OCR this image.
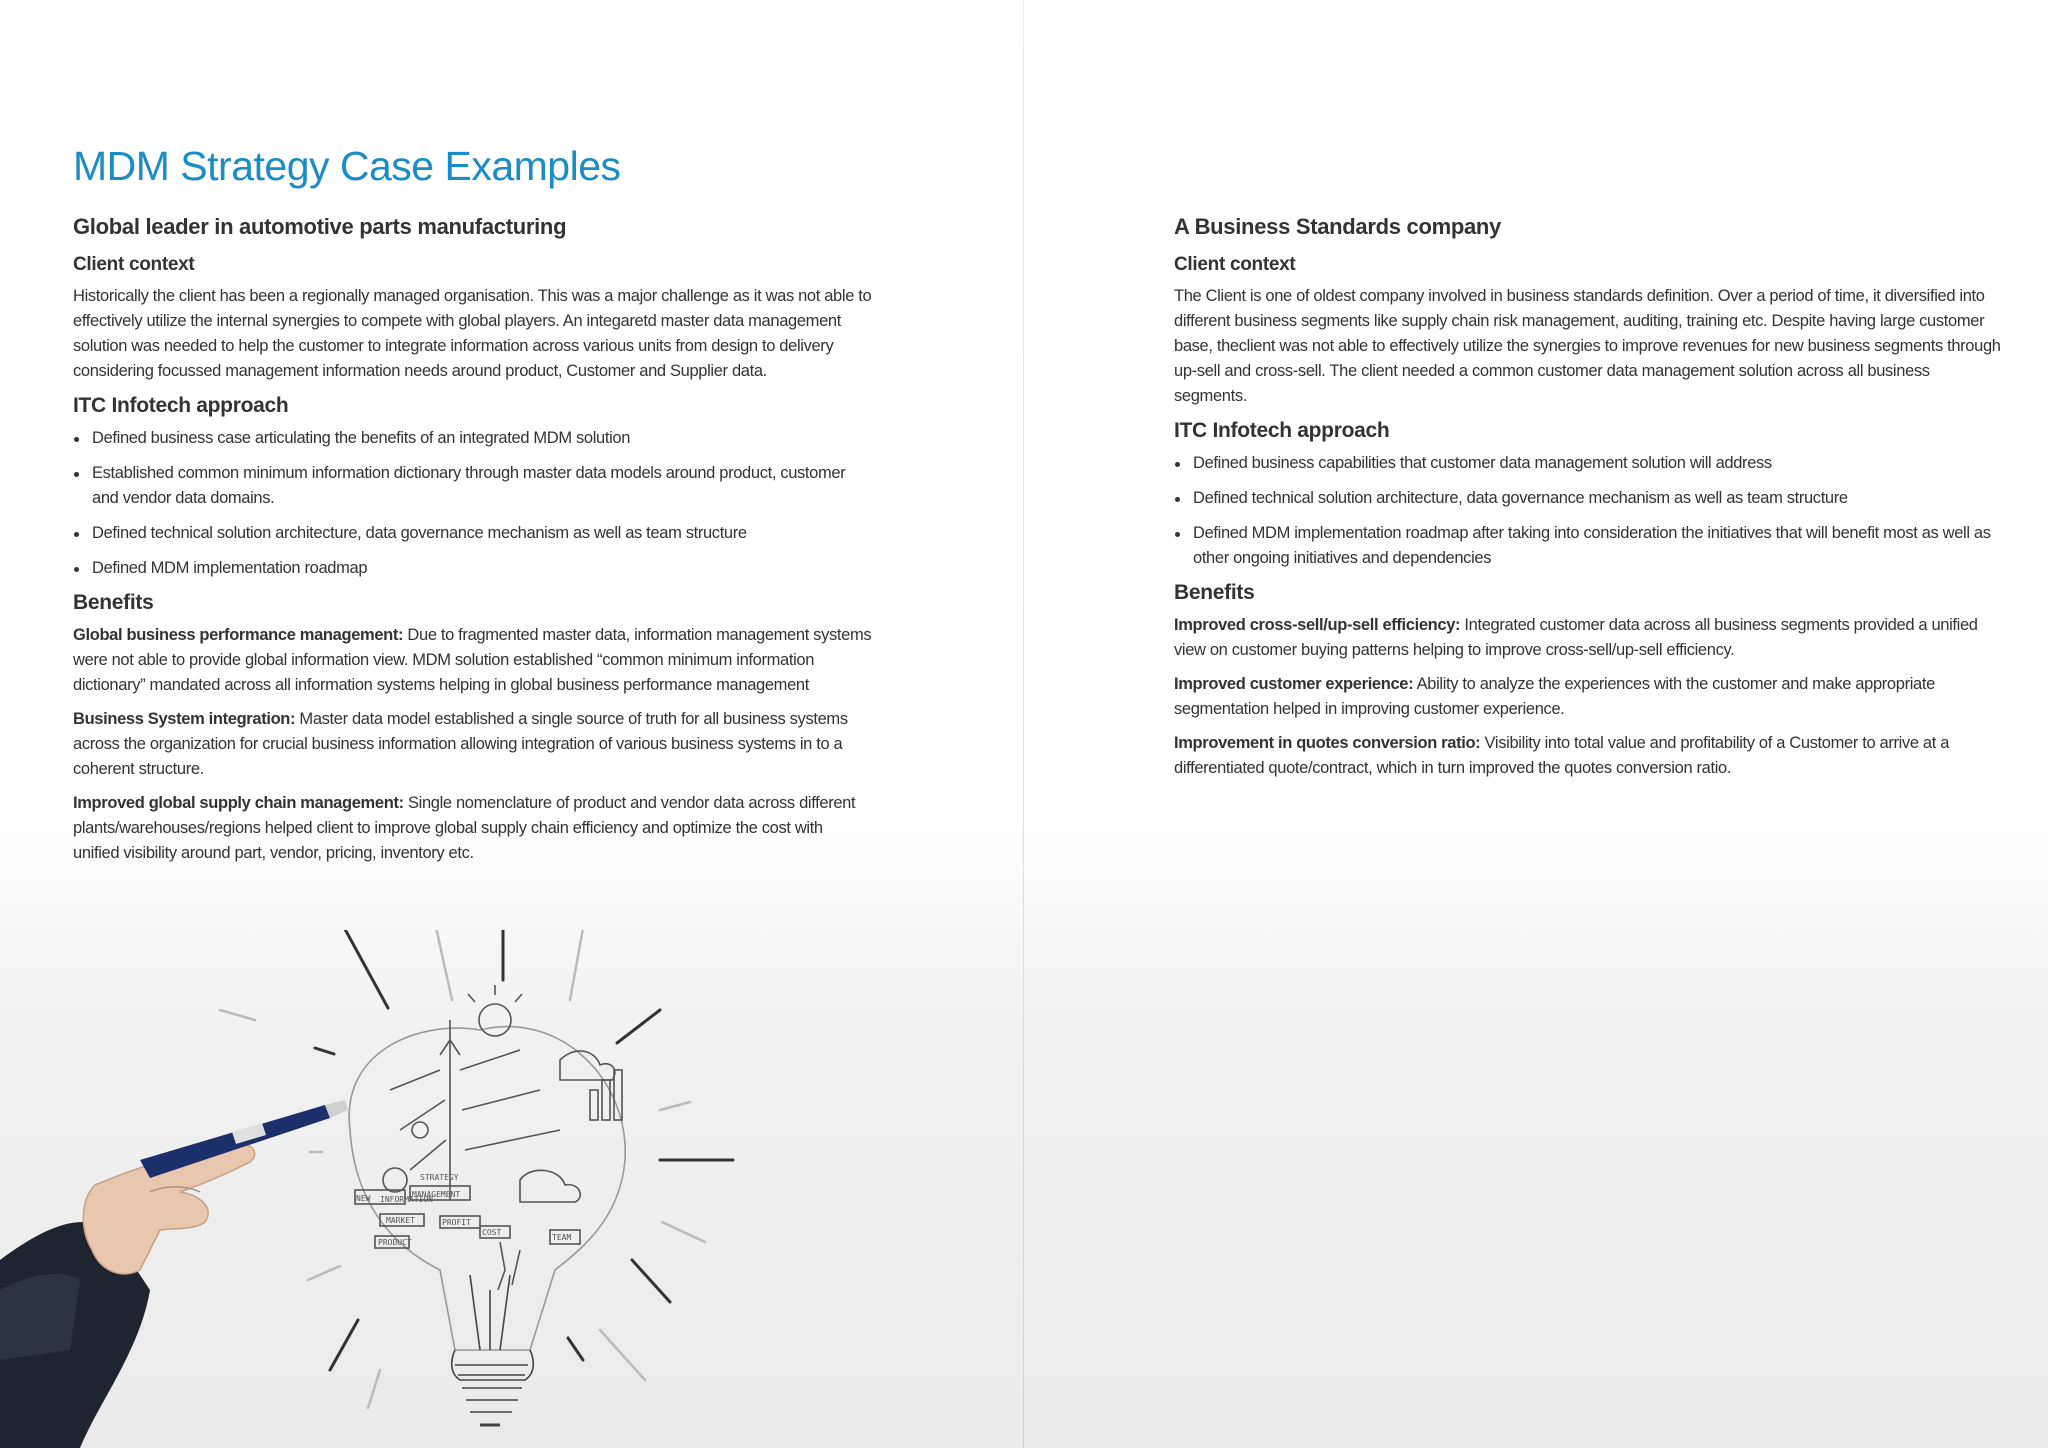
MDM Strategy Case Examples
Global leader in automotive parts manufacturing
Client context

Historically the client has been a regionally managed organisation. This was a major challenge as it was not able to effectively utilize the internal synergies to compete with global players. An integaretd master data management solution was needed to help the customer to integrate information across various units from design to delivery considering focussed management information needs around product, Customer and Supplier data.

ITC Infotech approach
Defined business case articulating the benefits of an integrated MDM solution
Established common minimum information dictionary through master data models around product, customer and vendor data domains.
Defined technical solution architecture, data governance mechanism as well as team structure
Defined MDM implementation roadmap
Benefits

Global business performance management: Due to fragmented master data, information management systems were not able to provide global information view. MDM solution established “common minimum information dictionary” mandated across all information systems helping in global business performance management

Business System integration: Master data model established a single source of truth for all business systems across the organization for crucial business information allowing integration of various business systems in to a coherent structure.

Improved global supply chain management: Single nomenclature of product and vendor data across different plants/warehouses/regions helped client to improve global supply chain efficiency and optimize the cost with unified visibility around part, vendor, pricing, inventory etc.

INFORMATION
MANAGEMENT
MARKET
PRODUCT
TEAM
PROFIT
NEW
COST
STRATEGY
A Business Standards company
Client context

The Client is one of oldest company involved in business standards definition. Over a period of time, it diversified into different business segments like supply chain risk management, auditing, training etc. Despite having large customer base, theclient was not able to effectively utilize the synergies to improve revenues for new business segments through up-sell and cross-sell. The client needed a common customer data management solution across all business segments.

ITC Infotech approach
Defined business capabilities that customer data management solution will address
Defined technical solution architecture, data governance mechanism as well as team structure
Defined MDM implementation roadmap after taking into consideration the initiatives that will benefit most as well as other ongoing initiatives and dependencies
Benefits

Improved cross-sell/up-sell efficiency: Integrated customer data across all business segments provided a unified view on customer buying patterns helping to improve cross-sell/up-sell efficiency.

Improved customer experience: Ability to analyze the experiences with the customer and make appropriate segmentation helped in improving customer experience.

Improvement in quotes conversion ratio: Visibility into total value and profitability of a Customer to arrive at a differentiated quote/contract, which in turn improved the quotes conversion ratio.
